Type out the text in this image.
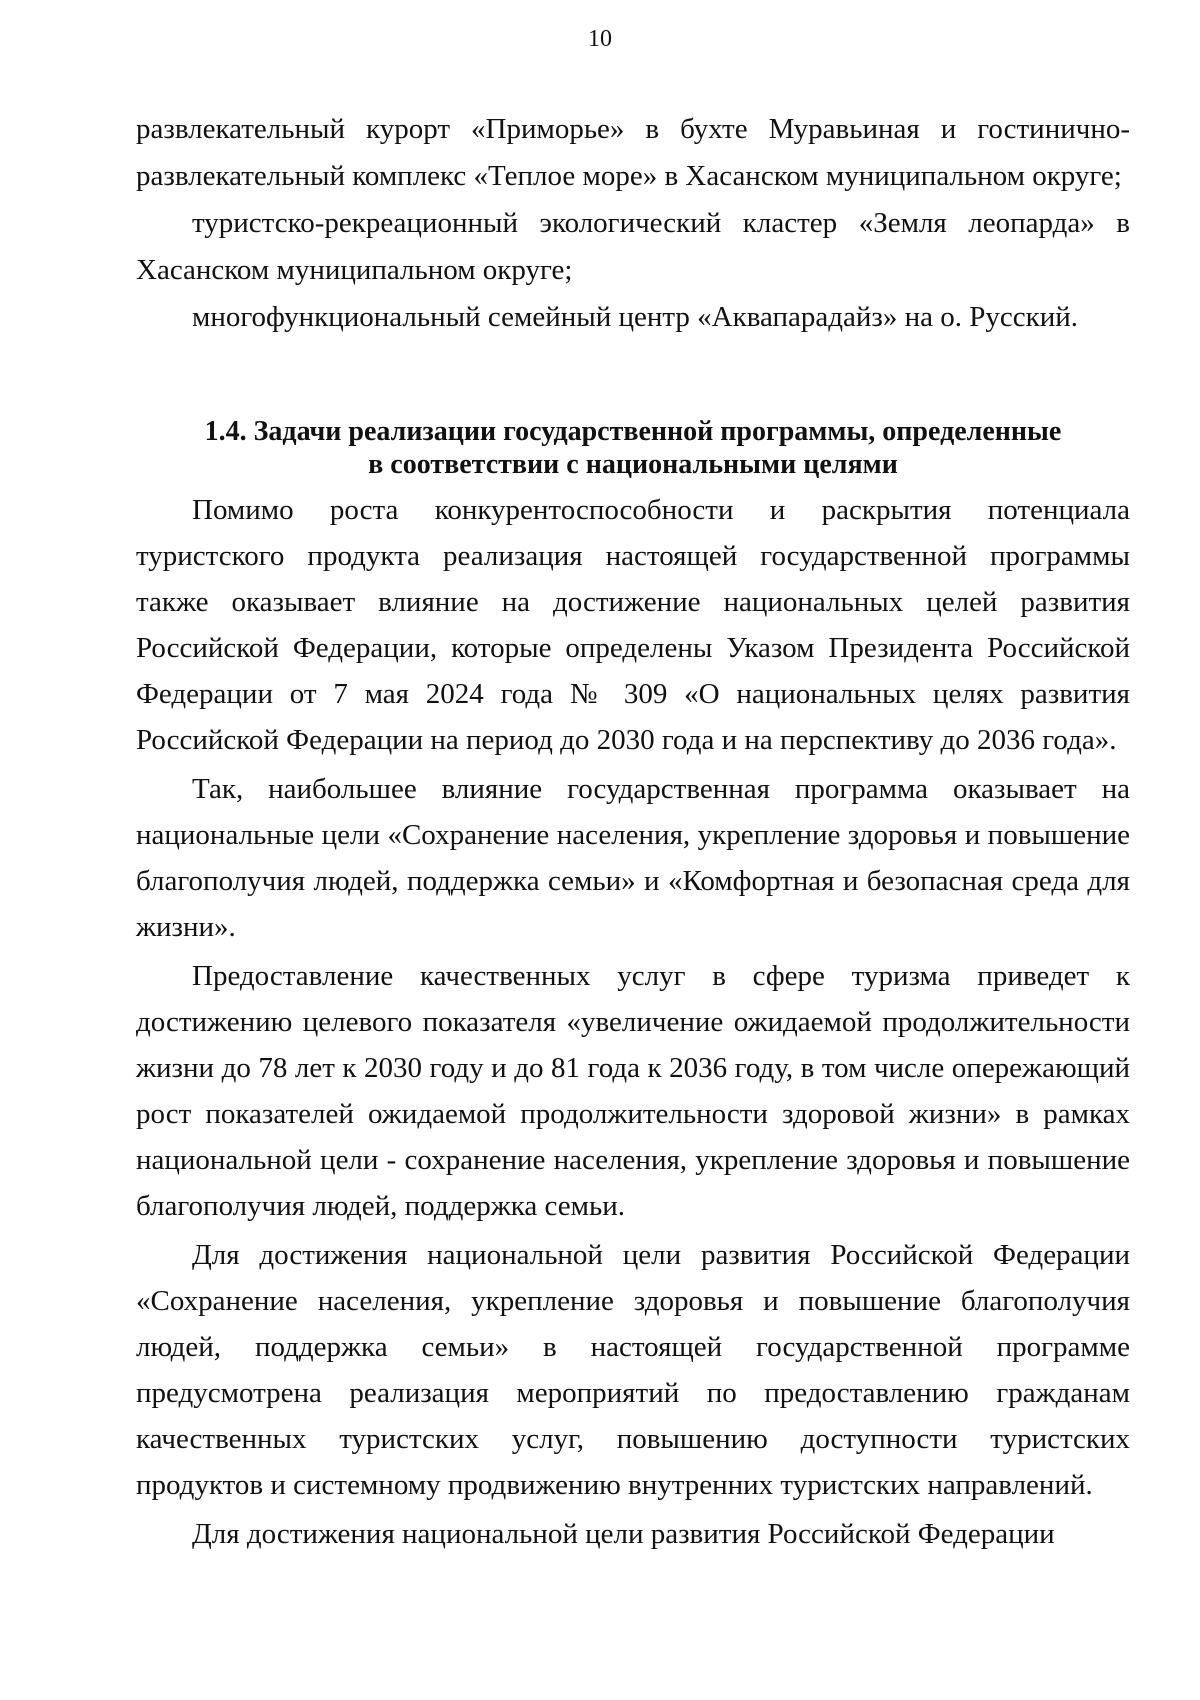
10

развлекательный курорт «Приморье» в бухте Муравьиная и гостинично-развлекательный комплекс «Теплое море» в Хасанском муниципальном округе;

туристско-рекреационный экологический кластер «Земля леопарда» в Хасанском муниципальном округе;

многофункциональный семейный центр «Аквапарадайз» на о. Русский.

1.4. Задачи реализации государственной программы, определенные
в соответствии с национальными целями

Помимо роста конкурентоспособности и раскрытия потенциала туристского продукта реализация настоящей государственной программы также оказывает влияние на достижение национальных целей развития Российской Федерации, которые определены Указом Президента Российской Федерации от 7 мая 2024 года № 309 «О национальных целях развития Российской Федерации на период до 2030 года и на перспективу до 2036 года».

Так, наибольшее влияние государственная программа оказывает на национальные цели «Сохранение населения, укрепление здоровья и повышение благополучия людей, поддержка семьи» и «Комфортная и безопасная среда для жизни».

Предоставление качественных услуг в сфере туризма приведет к достижению целевого показателя «увеличение ожидаемой продолжительности жизни до 78 лет к 2030 году и до 81 года к 2036 году, в том числе опережающий рост показателей ожидаемой продолжительности здоровой жизни» в рамках национальной цели - сохранение населения, укрепление здоровья и повышение благополучия людей, поддержка семьи.

Для достижения национальной цели развития Российской Федерации «Сохранение населения, укрепление здоровья и повышение благополучия людей, поддержка семьи» в настоящей государственной программе предусмотрена реализация мероприятий по предоставлению гражданам качественных туристских услуг, повышению доступности туристских продуктов и системному продвижению внутренних туристских направлений.

Для достижения национальной цели развития Российской Федерации
